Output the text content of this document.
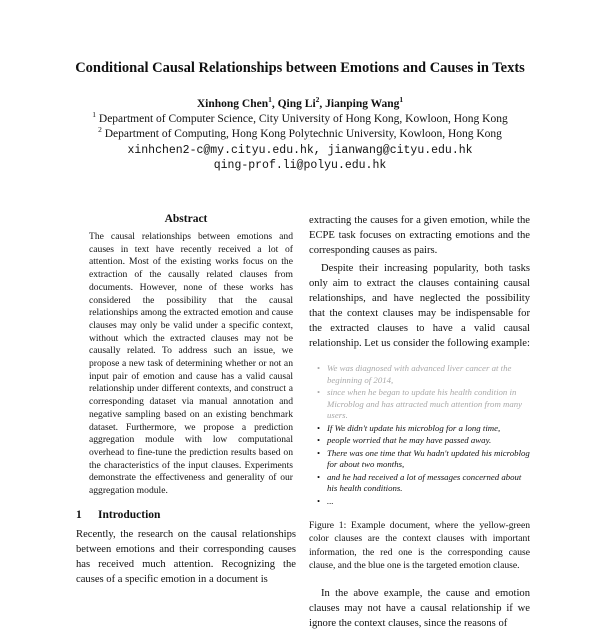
Conditional Causal Relationships between Emotions and Causes in Texts
Xinhong Chen$^1$, Qing Li$^2$, Jianping Wang$^1$
$^1$ Department of Computer Science, City University of Hong Kong, Kowloon, Hong Kong
$^2$ Department of Computing, Hong Kong Polytechnic University, Kowloon, Hong Kong
xinhchen2-c@my.cityu.edu.hk, jianwang@cityu.edu.hk
qing-prof.li@polyu.edu.hk
Abstract
The causal relationships between emotions and causes in text have recently received a lot of attention. Most of the existing works focus on the extraction of the causally related clauses from documents. However, none of these works has considered the possibility that the causal relationships among the extracted emotion and cause clauses may only be valid under a specific context, without which the extracted clauses may not be causally related. To address such an issue, we propose a new task of determining whether or not an input pair of emotion and cause has a valid causal relationship under different contexts, and construct a corresponding dataset via manual annotation and negative sampling based on an existing benchmark dataset. Furthermore, we propose a prediction aggregation module with low computational overhead to fine-tune the prediction results based on the characteristics of the input clauses. Experiments demonstrate the effectiveness and generality of our aggregation module.
1 Introduction
Recently, the research on the causal relationships between emotions and their corresponding causes has received much attention. Recognizing the causes of a specific emotion in a document is

extracting the causes for a given emotion, while the ECPE task focuses on extracting emotions and the corresponding causes as pairs.

Despite their increasing popularity, both tasks only aim to extract the clauses containing causal relationships, and have neglected the possibility that the context clauses may be indispensable for the extracted clauses to have a valid causal relationship. Let us consider the following example:

• We was diagnosed with advanced liver cancer at the beginning of 2014,
• since when he began to update his health condition in Microblog and has attracted much attention from many users.
• If We didn't update his microblog for a long time,
• people worried that he may have passed away.
• There was one time that Wu hadn't updated his microblog for about two months,
• and he had received a lot of messages concerned about his health conditions.
• ...
Figure 1: Example document, where the yellow-green color clauses are the context clauses with important information, the red one is the corresponding cause clause, and the blue one is the targeted emotion clause.

In the above example, the cause and emotion clauses may not have a causal relationship if we ignore the context clauses, since the reasons of
